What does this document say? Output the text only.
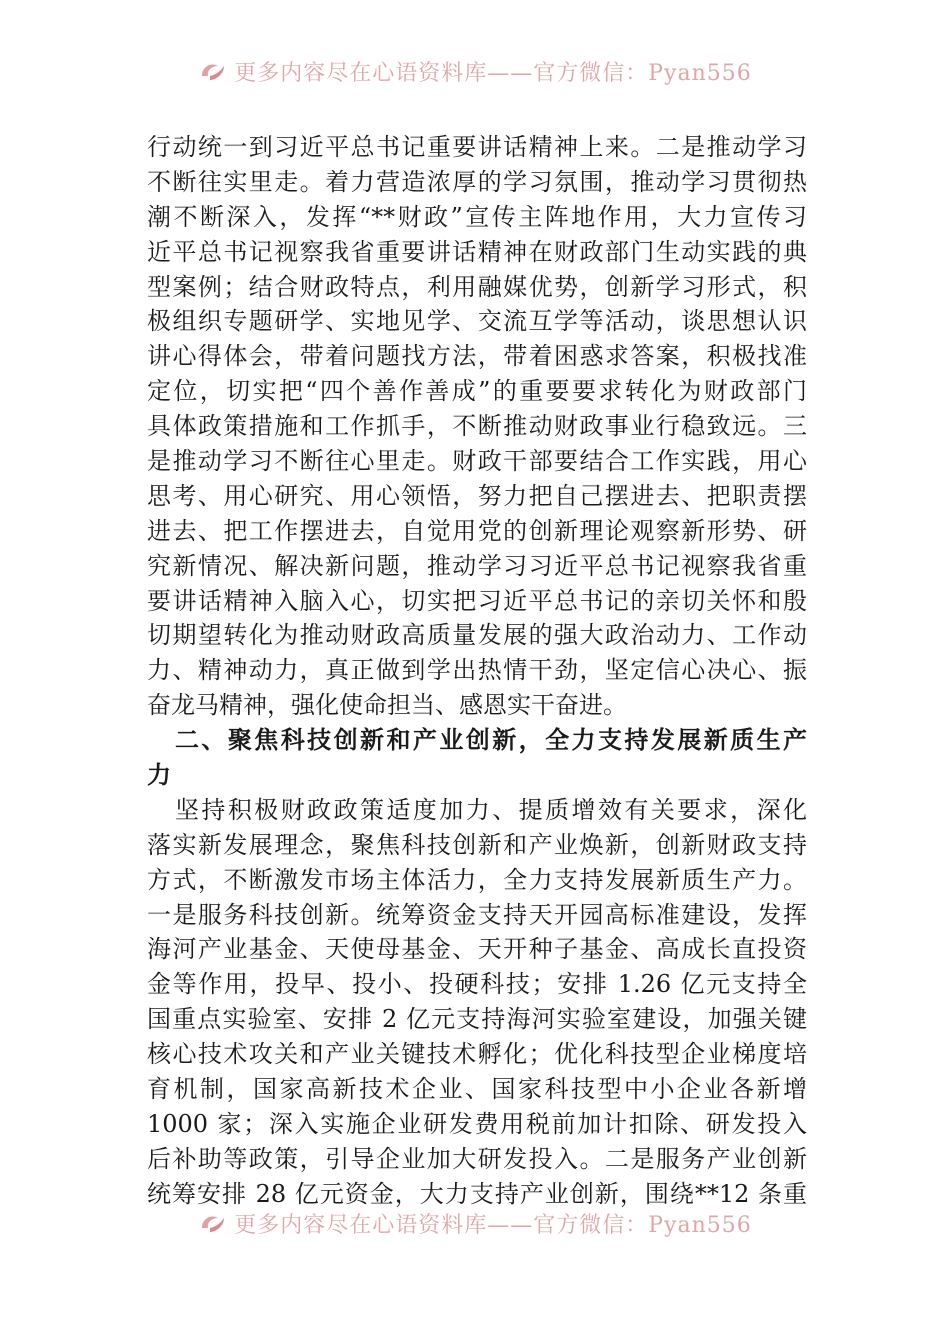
更多内容尽在心语资料库——官方微信：Pyan556
行动统一到习近平总书记重要讲话精神上来。二是推动学习
不断往实里走。着力营造浓厚的学习氛围，推动学习贯彻热
潮不断深入，发挥“**财政”宣传主阵地作用，大力宣传习
近平总书记视察我省重要讲话精神在财政部门生动实践的典
型案例；结合财政特点，利用融媒优势，创新学习形式，积
极组织专题研学、实地见学、交流互学等活动，谈思想认识
讲心得体会，带着问题找方法，带着困惑求答案，积极找准
定位，切实把“四个善作善成”的重要要求转化为财政部门
具体政策措施和工作抓手，不断推动财政事业行稳致远。三
是推动学习不断往心里走。财政干部要结合工作实践，用心
思考、用心研究、用心领悟，努力把自己摆进去、把职责摆
进去、把工作摆进去，自觉用党的创新理论观察新形势、研
究新情况、解决新问题，推动学习习近平总书记视察我省重
要讲话精神入脑入心，切实把习近平总书记的亲切关怀和殷
切期望转化为推动财政高质量发展的强大政治动力、工作动
力、精神动力，真正做到学出热情干劲，坚定信心决心、振
奋龙马精神，强化使命担当、感恩实干奋进。
二、聚焦科技创新和产业创新，全力支持发展新质生产
力
坚持积极财政政策适度加力、提质增效有关要求，深化
落实新发展理念，聚焦科技创新和产业焕新，创新财政支持
方式，不断激发市场主体活力，全力支持发展新质生产力。
一是服务科技创新。统筹资金支持天开园高标准建设，发挥
海河产业基金、天使母基金、天开种子基金、高成长直投资
金等作用，投早、投小、投硬科技；安排 1.26 亿元支持全
国重点实验室、安排 2 亿元支持海河实验室建设，加强关键
核心技术攻关和产业关键技术孵化；优化科技型企业梯度培
育机制，国家高新技术企业、国家科技型中小企业各新增
1000 家；深入实施企业研发费用税前加计扣除、研发投入
后补助等政策，引导企业加大研发投入。二是服务产业创新
统筹安排 28 亿元资金，大力支持产业创新，围绕**12 条重
更多内容尽在心语资料库——官方微信：Pyan556
